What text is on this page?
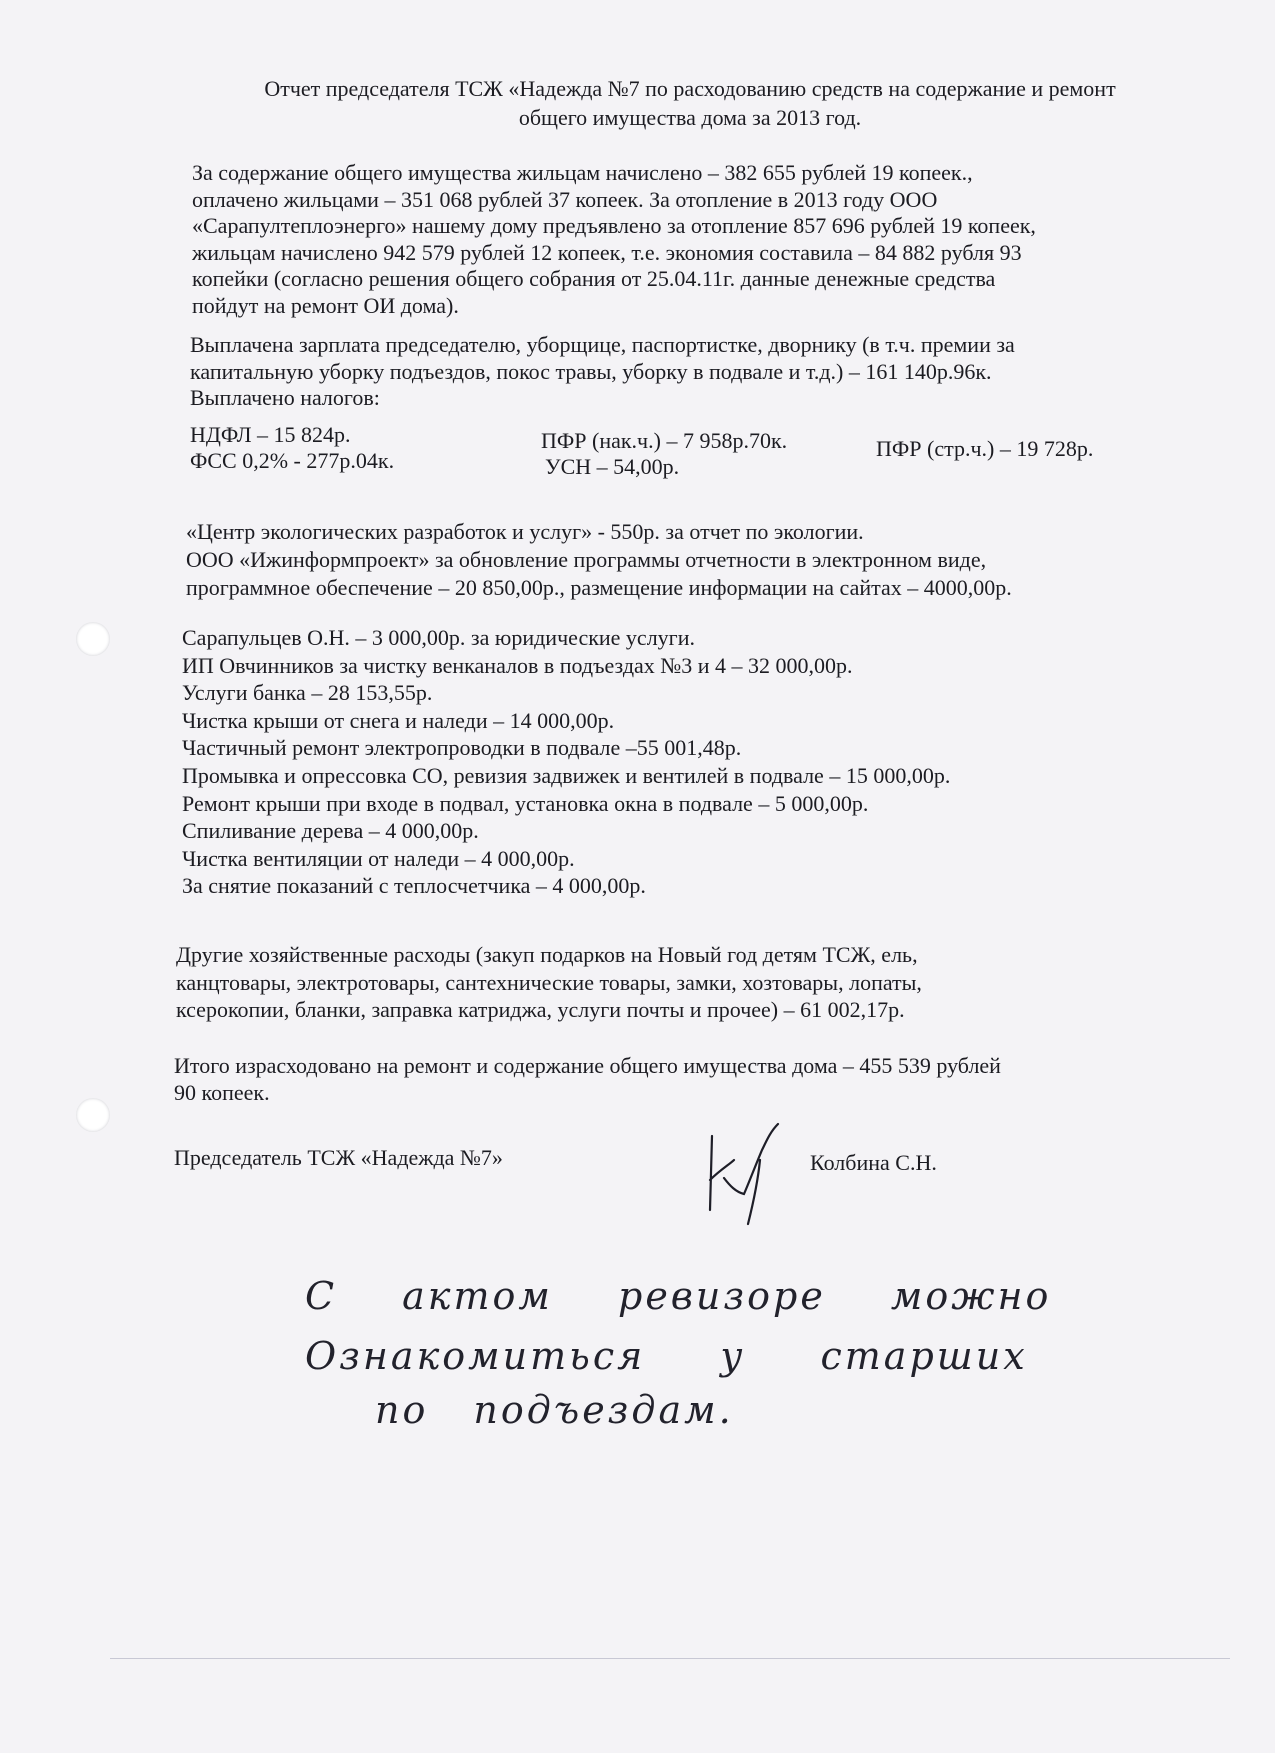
Отчет председателя ТСЖ «Надежда №7 по расходованию средств на содержание и ремонт
общего имущества дома за 2013 год.
За содержание общего имущества жильцам начислено – 382 655 рублей 19 копеек.,
оплачено жильцами – 351 068 рублей 37 копеек. За отопление в 2013 году ООО
«Сарапултеплоэнерго» нашему дому предъявлено за отопление 857 696 рублей 19 копеек,
жильцам начислено 942 579 рублей 12 копеек, т.е. экономия составила – 84 882 рубля 93
копейки (согласно решения общего собрания от 25.04.11г. данные денежные средства
пойдут на ремонт ОИ дома).
Выплачена зарплата председателю, уборщице, паспортистке, дворнику (в т.ч. премии за
капитальную уборку подъездов, покос травы, уборку в подвале и т.д.) – 161 140р.96к.
Выплачено налогов:
НДФЛ – 15 824р.	ПФР (нак.ч.) – 7 958р.70к.	ПФР (стр.ч.) – 19 728р.
ФСС 0,2% - 277р.04к.	УСН – 54,00р.
«Центр экологических разработок и услуг» - 550р. за отчет по экологии.
ООО «Ижинформпроект» за обновление программы отчетности в электронном виде,
программное обеспечение – 20 850,00р., размещение информации на сайтах – 4000,00р.
Сарапульцев О.Н. – 3 000,00р. за юридические услуги.
ИП Овчинников за чистку венканалов в подъездах №3 и 4 – 32 000,00р.
Услуги банка – 28 153,55р.
Чистка крыши от снега и наледи – 14 000,00р.
Частичный ремонт электропроводки в подвале –55 001,48р.
Промывка и опрессовка СО, ревизия задвижек и вентилей в подвале – 15 000,00р.
Ремонт крыши при входе в подвал, установка окна в подвале – 5 000,00р.
Спиливание дерева – 4 000,00р.
Чистка вентиляции от наледи – 4 000,00р.
За снятие показаний с теплосчетчика – 4 000,00р.
Другие хозяйственные расходы (закуп подарков на Новый год детям ТСЖ, ель,
канцтовары, электротовары, сантехнические товары, замки, хозтовары, лопаты,
ксерокопии, бланки, заправка катриджа, услуги почты и прочее) – 61 002,17р.
Итого израсходовано на ремонт и содержание общего имущества дома – 455 539 рублей
90 копеек.
Председатель ТСЖ «Надежда №7»	Колбина С.Н.
С актом ревизоре можно
Ознакомиться у старших
по подъездам.
